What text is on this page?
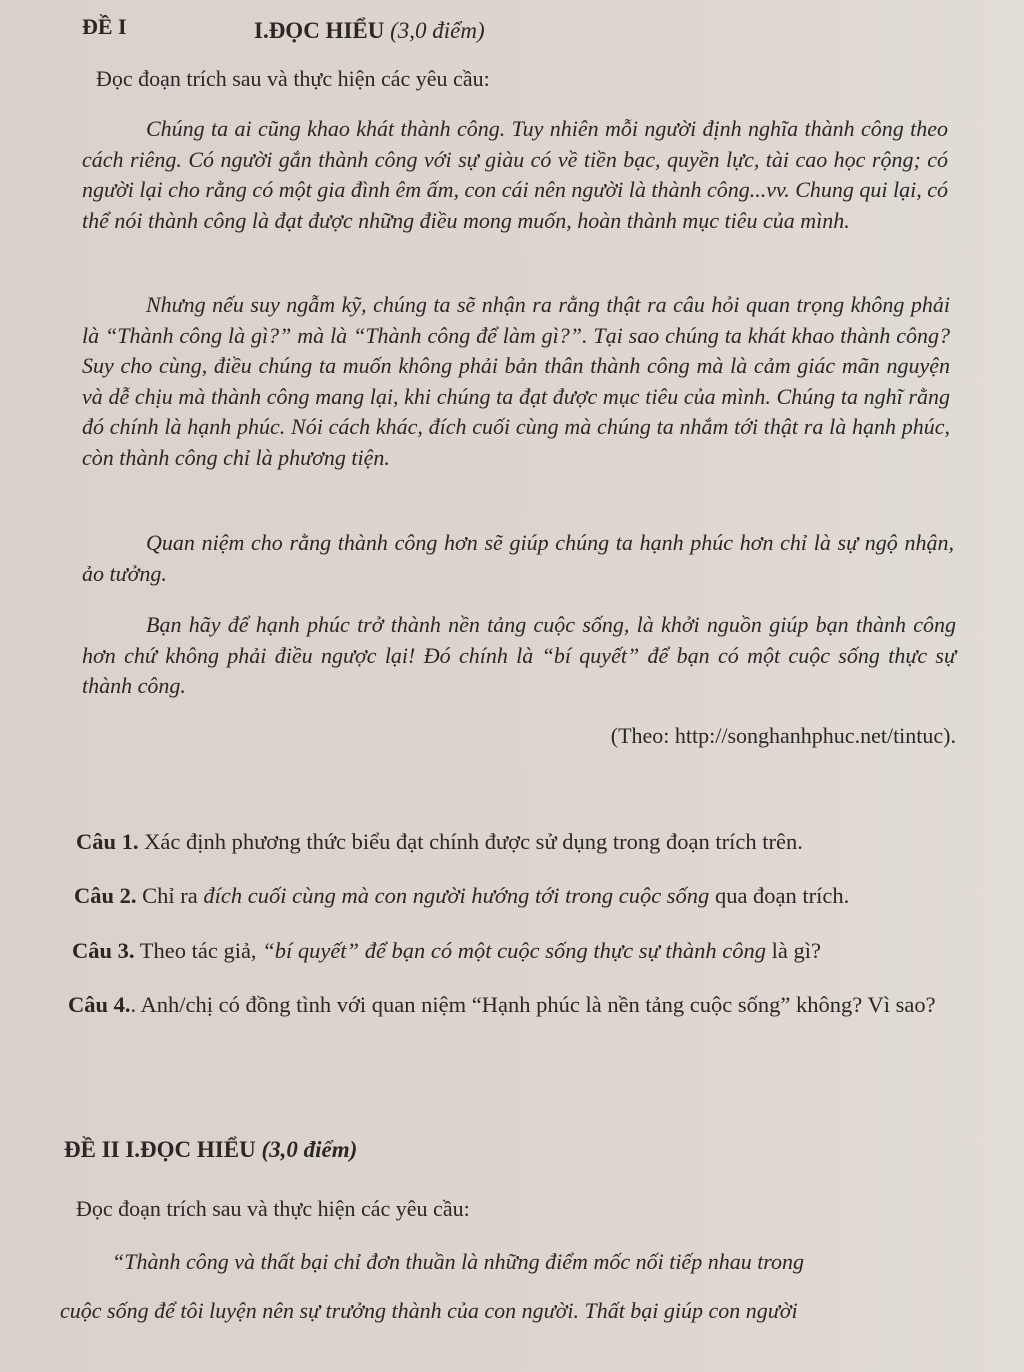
ĐỀ I	I.ĐỌC HIỂU (3,0 điểm)
Đọc đoạn trích sau và thực hiện các yêu cầu:

Chúng ta ai cũng khao khát thành công. Tuy nhiên mỗi người định nghĩa thành công theo cách riêng. Có người gắn thành công với sự giàu có về tiền bạc, quyền lực, tài cao học rộng; có người lại cho rằng có một gia đình êm ấm, con cái nên người là thành công...vv. Chung qui lại, có thể nói thành công là đạt được những điều mong muốn, hoàn thành mục tiêu của mình.

Nhưng nếu suy ngẫm kỹ, chúng ta sẽ nhận ra rằng thật ra câu hỏi quan trọng không phải là “Thành công là gì?” mà là “Thành công để làm gì?”. Tại sao chúng ta khát khao thành công? Suy cho cùng, điều chúng ta muốn không phải bản thân thành công mà là cảm giác mãn nguyện và dễ chịu mà thành công mang lại, khi chúng ta đạt được mục tiêu của mình. Chúng ta nghĩ rằng đó chính là hạnh phúc. Nói cách khác, đích cuối cùng mà chúng ta nhắm tới thật ra là hạnh phúc, còn thành công chỉ là phương tiện.

Quan niệm cho rằng thành công hơn sẽ giúp chúng ta hạnh phúc hơn chỉ là sự ngộ nhận, ảo tưởng.

Bạn hãy để hạnh phúc trở thành nền tảng cuộc sống, là khởi nguồn giúp bạn thành công hơn chứ không phải điều ngược lại! Đó chính là “bí quyết” để bạn có một cuộc sống thực sự thành công.

(Theo: http://songhanhphuc.net/tintuc).
Câu 1. Xác định phương thức biểu đạt chính được sử dụng trong đoạn trích trên.
Câu 2. Chỉ ra đích cuối cùng mà con người hướng tới trong cuộc sống qua đoạn trích.
Câu 3. Theo tác giả, “bí quyết” để bạn có một cuộc sống thực sự thành công là gì?
Câu 4.. Anh/chị có đồng tình với quan niệm “Hạnh phúc là nền tảng cuộc sống” không? Vì sao?
ĐỀ II I.ĐỌC HIỂU (3,0 điểm)
Đọc đoạn trích sau và thực hiện các yêu cầu:

“Thành công và thất bại chỉ đơn thuần là những điểm mốc nối tiếp nhau trong

cuộc sống để tôi luyện nên sự trưởng thành của con người. Thất bại giúp con người
